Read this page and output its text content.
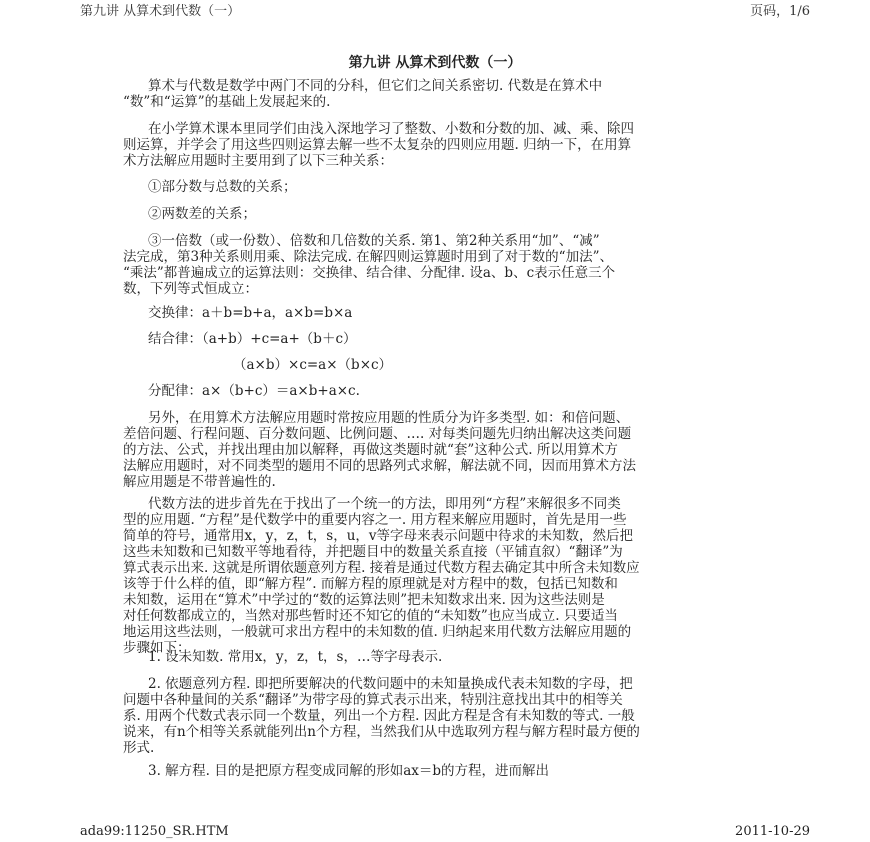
第九讲 从算术到代数（一）	页码，1/6
第九讲 从算术到代数（一）
算术与代数是数学中两门不同的分科，但它们之间关系密切. 代数是在算术中
“数”和“运算”的基础上发展起来的.
在小学算术课本里同学们由浅入深地学习了整数、小数和分数的加、减、乘、除四
则运算，并学会了用这些四则运算去解一些不太复杂的四则应用题. 归纳一下，在用算
术方法解应用题时主要用到了以下三种关系：
①部分数与总数的关系；
②两数差的关系；
③一倍数（或一份数）、倍数和几倍数的关系. 第1、第2种关系用“加”、“减”
法完成，第3种关系则用乘、除法完成. 在解四则运算题时用到了对于数的“加法”、
“乘法”都普遍成立的运算法则：交换律、结合律、分配律. 设a、b、c表示任意三个
数，下列等式恒成立：
交换律：a＋b=b+a，a×b=b×a
结合律：（a+b）+c=a+（b＋c）
（a×b）×c=a×（b×c）
分配律：a×（b+c）＝a×b+a×c.
另外，在用算术方法解应用题时常按应用题的性质分为许多类型. 如：和倍问题、
差倍问题、行程问题、百分数问题、比例问题、…. 对每类问题先归纳出解决这类问题
的方法、公式，并找出理由加以解释，再做这类题时就“套”这种公式. 所以用算术方
法解应用题时，对不同类型的题用不同的思路列式求解，解法就不同，因而用算术方法
解应用题是不带普遍性的.
代数方法的进步首先在于找出了一个统一的方法，即用列“方程”来解很多不同类
型的应用题. “方程”是代数学中的重要内容之一. 用方程来解应用题时，首先是用一些
简单的符号，通常用x，y，z，t，s，u，v等字母来表示问题中待求的未知数，然后把
这些未知数和已知数平等地看待，并把题目中的数量关系直接（平铺直叙）“翻译”为
算式表示出来. 这就是所谓依题意列方程. 接着是通过代数方程去确定其中所含未知数应
该等于什么样的值，即“解方程”. 而解方程的原理就是对方程中的数，包括已知数和
未知数，运用在“算术”中学过的“数的运算法则”把未知数求出来. 因为这些法则是
对任何数都成立的，当然对那些暂时还不知它的值的“未知数”也应当成立. 只要适当
地运用这些法则，一般就可求出方程中的未知数的值. 归纳起来用代数方法解应用题的
步骤如下：
1. 设未知数. 常用x，y，z，t，s，…等字母表示.
2. 依题意列方程. 即把所要解决的代数问题中的未知量换成代表未知数的字母，把
问题中各种量间的关系“翻译”为带字母的算式表示出来，特别注意找出其中的相等关
系. 用两个代数式表示同一个数量，列出一个方程. 因此方程是含有未知数的等式. 一般
说来，有n个相等关系就能列出n个方程，当然我们从中选取列方程与解方程时最方便的
形式.
3. 解方程. 目的是把原方程变成同解的形如ax＝b的方程，进而解出
ada99:11250_SR.HTM	2011-10-29
